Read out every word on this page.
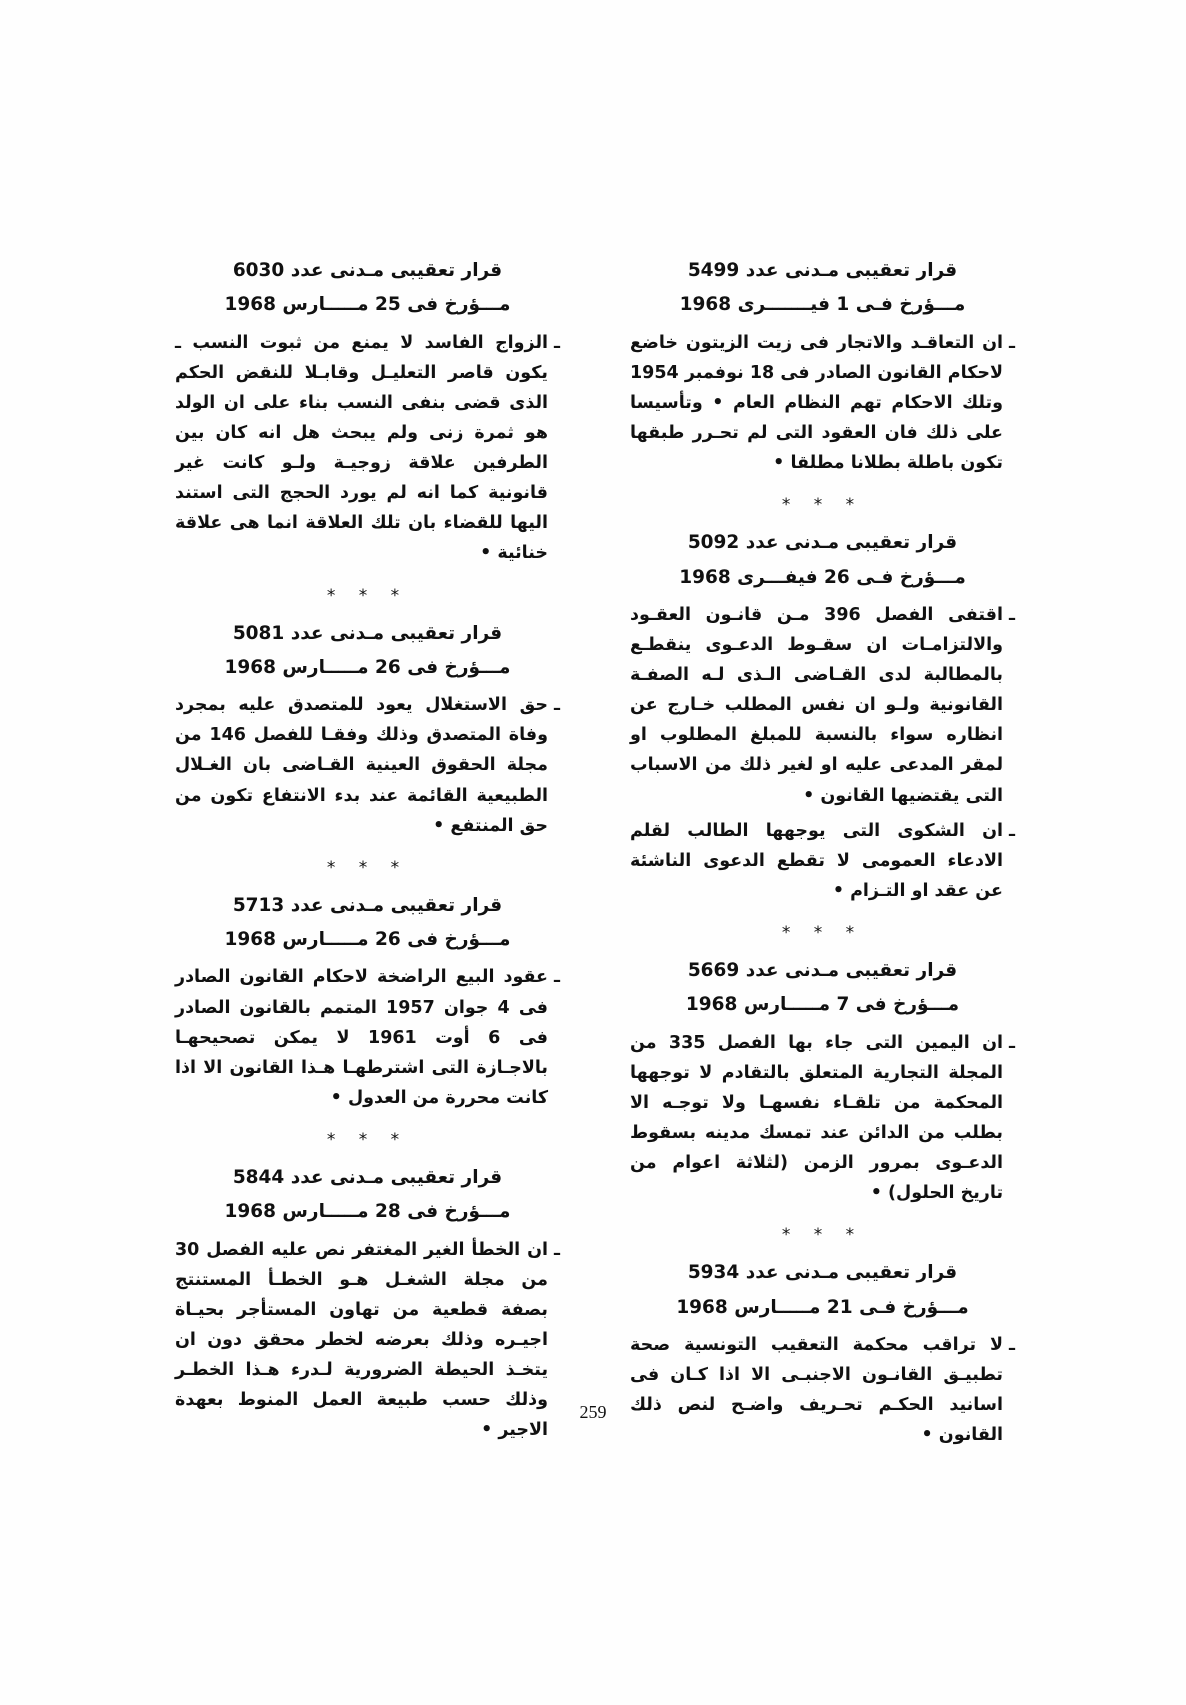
قرار تعقيبى مـدنى عدد 5499
مـــؤرخ فـى 1 فيـــــــرى 1968
ـ
ان التعاقـد والاتجار فى زيت الزيتون خاضع لاحكام القانون الصادر فى 18 نوفمبر 1954 وتلك الاحكام تهم النظام العام • وتأسيسا على ذلك فان العقود التى لم تحـرر طبقها تكون باطلة بطلانا مطلقا •
* * *
قرار تعقيبى مـدنى عدد 5092
مـــؤرخ فـى 26 فيفـــرى 1968
ـ
اقتفى الفصل 396 مـن قانـون العقـود والالتزامـات ان سقـوط الدعـوى ينقطـع بالمطالبة لدى القـاضى الـذى لـه الصفـة القانونية ولـو ان نفس المطلب خـارج عن انظاره سواء بالنسبة للمبلغ المطلوب او لمقر المدعى عليه او لغير ذلك من الاسباب التى يقتضيها القانون •
ـ
ان الشكوى التى يوجهها الطالب لقلم الادعاء العمومى لا تقطع الدعوى الناشئة عن عقد او التـزام •
* * *
قرار تعقيبى مـدنى عدد 5669
مـــؤرخ فى 7 مـــــارس 1968
ـ
ان اليمين التى جاء بها الفصل 335 من المجلة التجارية المتعلق بالتقادم لا توجهها المحكمة من تلقـاء نفسهـا ولا توجـه الا بطلب من الدائن عند تمسك مدينه بسقوط الدعـوى بمرور الزمن (لثلاثة اعوام من تاريخ الحلول) •
* * *
قرار تعقيبى مـدنى عدد 5934
مـــؤرخ فـى 21 مـــــارس 1968
ـ
لا تراقب محكمة التعقيب التونسية صحة تطبيـق القانـون الاجنبـى الا اذا كـان فى اسانيد الحكـم تحـريف واضـح لنص ذلك القانون •
قرار تعقيبى مـدنى عدد 6030
مـــؤرخ فى 25 مـــــارس 1968
ـ
الزواج الفاسد لا يمنع من ثبوت النسب ـ يكون قاصر التعليـل وقابـلا للنقض الحكم الذى قضى بنفى النسب بناء على ان الولد هو ثمرة زنى ولم يبحث هل انه كان بين الطرفين علاقة زوجيـة ولـو كانت غير قانونية كما انه لم يورد الحجج التى استند اليها للقضاء بان تلك العلاقة انما هى علاقة خنائية •
* * *
قرار تعقيبى مـدنى عدد 5081
مـــؤرخ فى 26 مـــــارس 1968
ـ
حق الاستغلال يعود للمتصدق عليه بمجرد وفاة المتصدق وذلك وفقـا للفصل 146 من مجلة الحقوق العينية القـاضى بان الغـلال الطبيعية القائمة عند بدء الانتفاع تكون من حق المنتفع •
* * *
قرار تعقيبى مـدنى عدد 5713
مـــؤرخ فى 26 مـــــارس 1968
ـ
عقود البيع الراضخة لاحكام القانون الصادر فى 4 جوان 1957 المتمم بالقانون الصادر فى 6 أوت 1961 لا يمكن تصحيحهـا بالاجـازة التى اشترطهـا هـذا القانون الا اذا كانت محررة من العدول •
* * *
قرار تعقيبى مـدنى عدد 5844
مـــؤرخ فى 28 مـــــارس 1968
ـ
ان الخطأ الغير المغتفر نص عليه الفصل 30 من مجلة الشغـل هـو الخطـأ المستنتج بصفة قطعية من تهاون المستأجر بحيـاة اجيـره وذلك بعرضه لخطر محقق دون ان يتخـذ الحيطة الضرورية لـدرء هـذا الخطـر وذلك حسب طبيعة العمل المنوط بعهدة الاجير •
259
